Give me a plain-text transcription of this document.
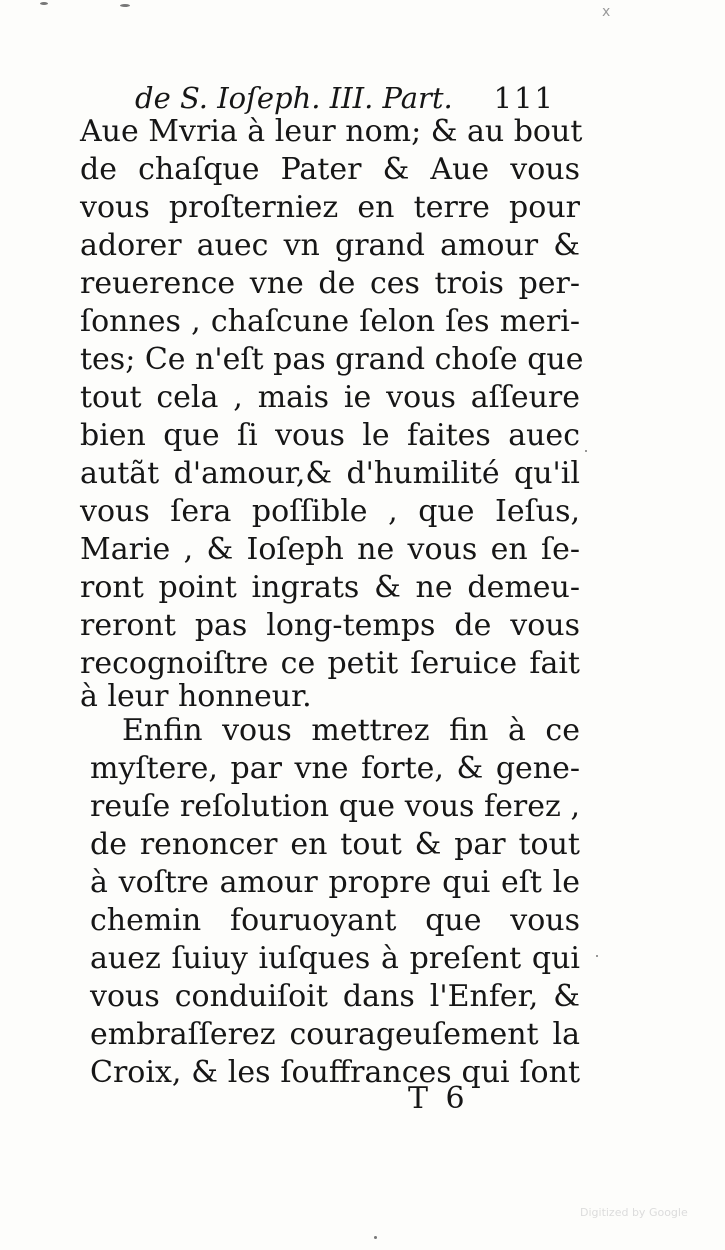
x
de S. Ioſeph. III. Part. 111
Aue Mvria à leur nom; & au bout
de chaſque Pater & Aue vous
vous proſterniez en terre pour
adorer auec vn grand amour &
reuerence vne de ces trois per-
ſonnes , chaſcune ſelon ſes meri-
tes; Ce n'eſt pas grand choſe que
tout cela , mais ie vous aſſeure
bien que ſi vous le faites auec
autãt d'amour,& d'humilité qu'il
vous ſera poſſible , que Ieſus,
Marie , & Ioſeph ne vous en ſe-
ront point ingrats & ne demeu-
reront pas long-temps de vous
recognoiſtre ce petit ſeruice fait
à leur honneur.
Enfin vous mettrez fin à ce
myſtere, par vne forte, & gene-
reuſe reſolution que vous ferez ,
de renoncer en tout & par tout
à voſtre amour propre qui eſt le
chemin fouruoyant que vous
auez ſuiuy iuſques à preſent qui
vous conduiſoit dans l'Enfer, &
embraſſerez courageuſement la
Croix, & les ſouffrances qui ſont
T 6
Digitized by Google
